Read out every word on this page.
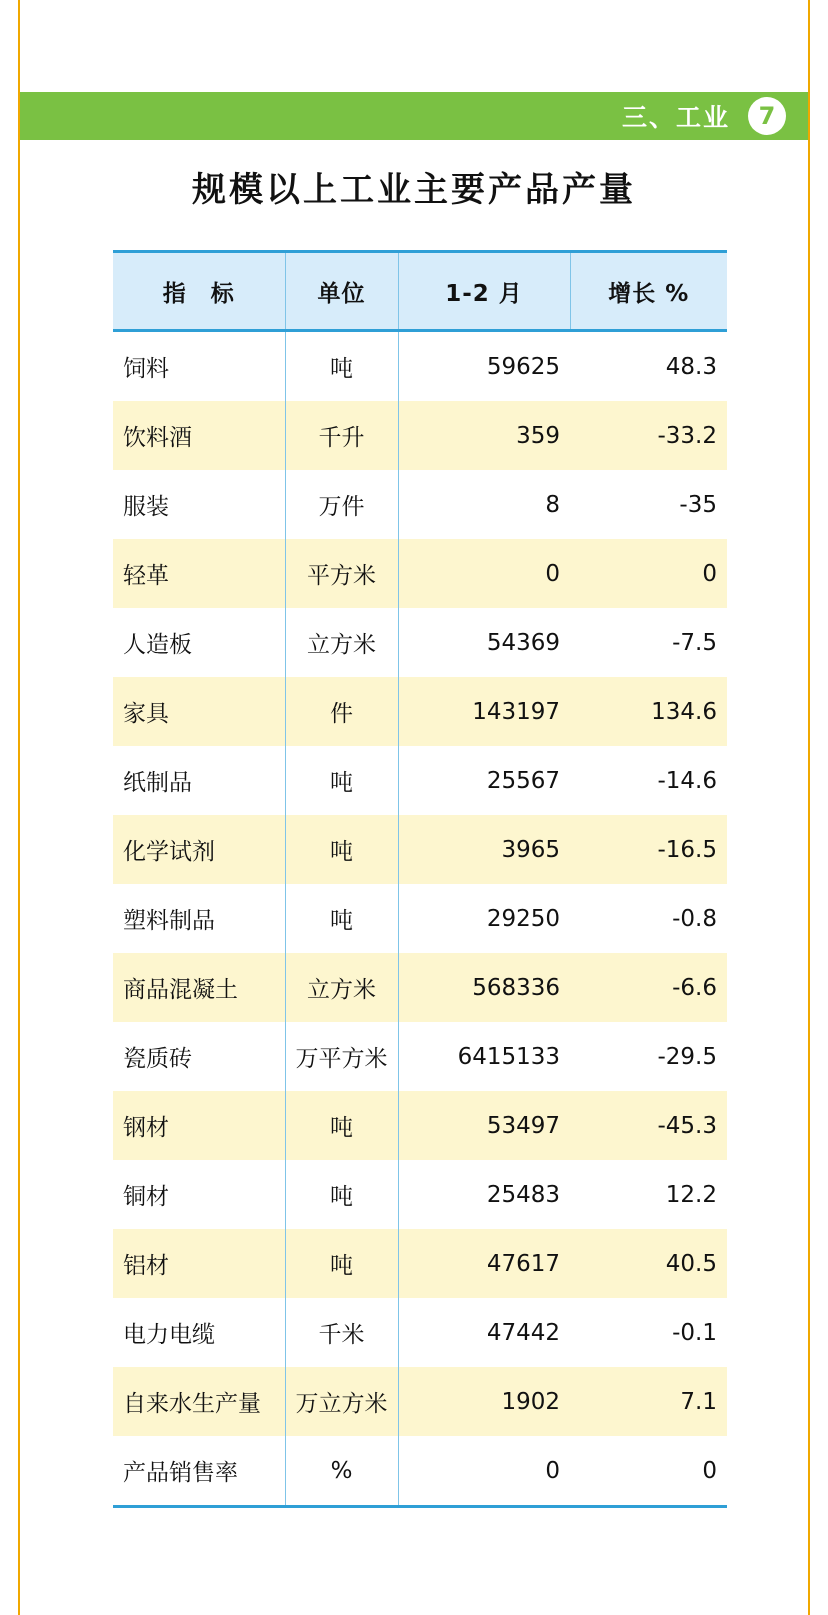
三、工业	7
规模以上工业主要产品产量
指　标	单位	1-2 月	增长 %
饲料	吨	59625	48.3
饮料酒	千升	359	-33.2
服装	万件	8	-35
轻革	平方米	0	0
人造板	立方米	54369	-7.5
家具	件	143197	134.6
纸制品	吨	25567	-14.6
化学试剂	吨	3965	-16.5
塑料制品	吨	29250	-0.8
商品混凝土	立方米	568336	-6.6
瓷质砖	万平方米	6415133	-29.5
钢材	吨	53497	-45.3
铜材	吨	25483	12.2
铝材	吨	47617	40.5
电力电缆	千米	47442	-0.1
自来水生产量	万立方米	1902	7.1
产品销售率	%	0	0
